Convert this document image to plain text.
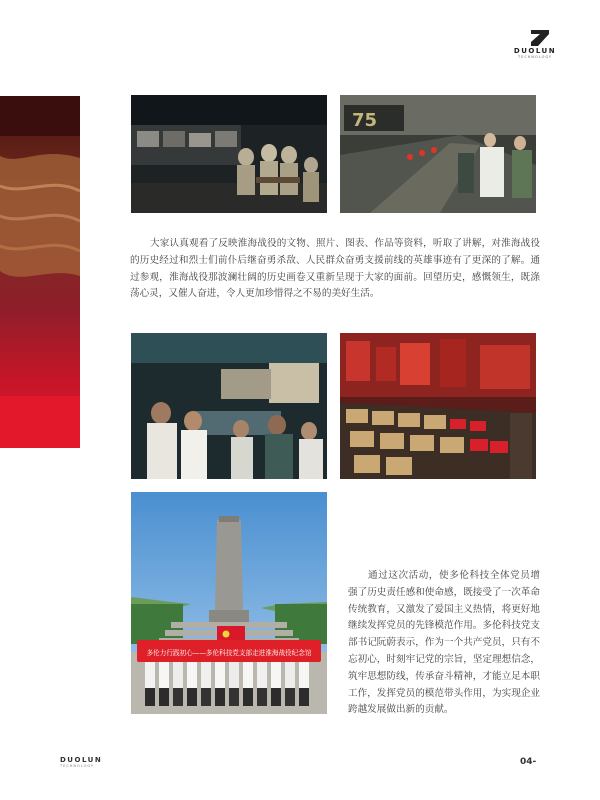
DUOLUN
TECHNOLOGY
75

大家认真观看了反映淮海战役的文物、照片、图表、作品等资料，听取了讲解，对淮海战役的历史经过和烈士们前仆后继奋勇杀敌、人民群众奋勇支援前线的英雄事迹有了更深的了解。通过参观，淮海战役那波澜壮阔的历史画卷又重新呈现于大家的面前。回望历史，感慨领生，既涤荡心灵，又催人奋进，令人更加珍惜得之不易的美好生活。

多伦力行践初心——多伦科技党支部走进淮海战役纪念馆

通过这次活动，使多伦科技全体党员增强了历史责任感和使命感，既接受了一次革命传统教育，又激发了爱国主义热情，将更好地继续发挥党员的先锋模范作用。多伦科技党支部书记阮蔚表示，作为一个共产党员，只有不忘初心，时刻牢记党的宗旨，坚定理想信念，筑牢思想防线，传承奋斗精神，才能立足本职工作，发挥党员的模范带头作用，为实现企业跨越发展做出新的贡献。

DUOLUN
TECHNOLOGY	04-
